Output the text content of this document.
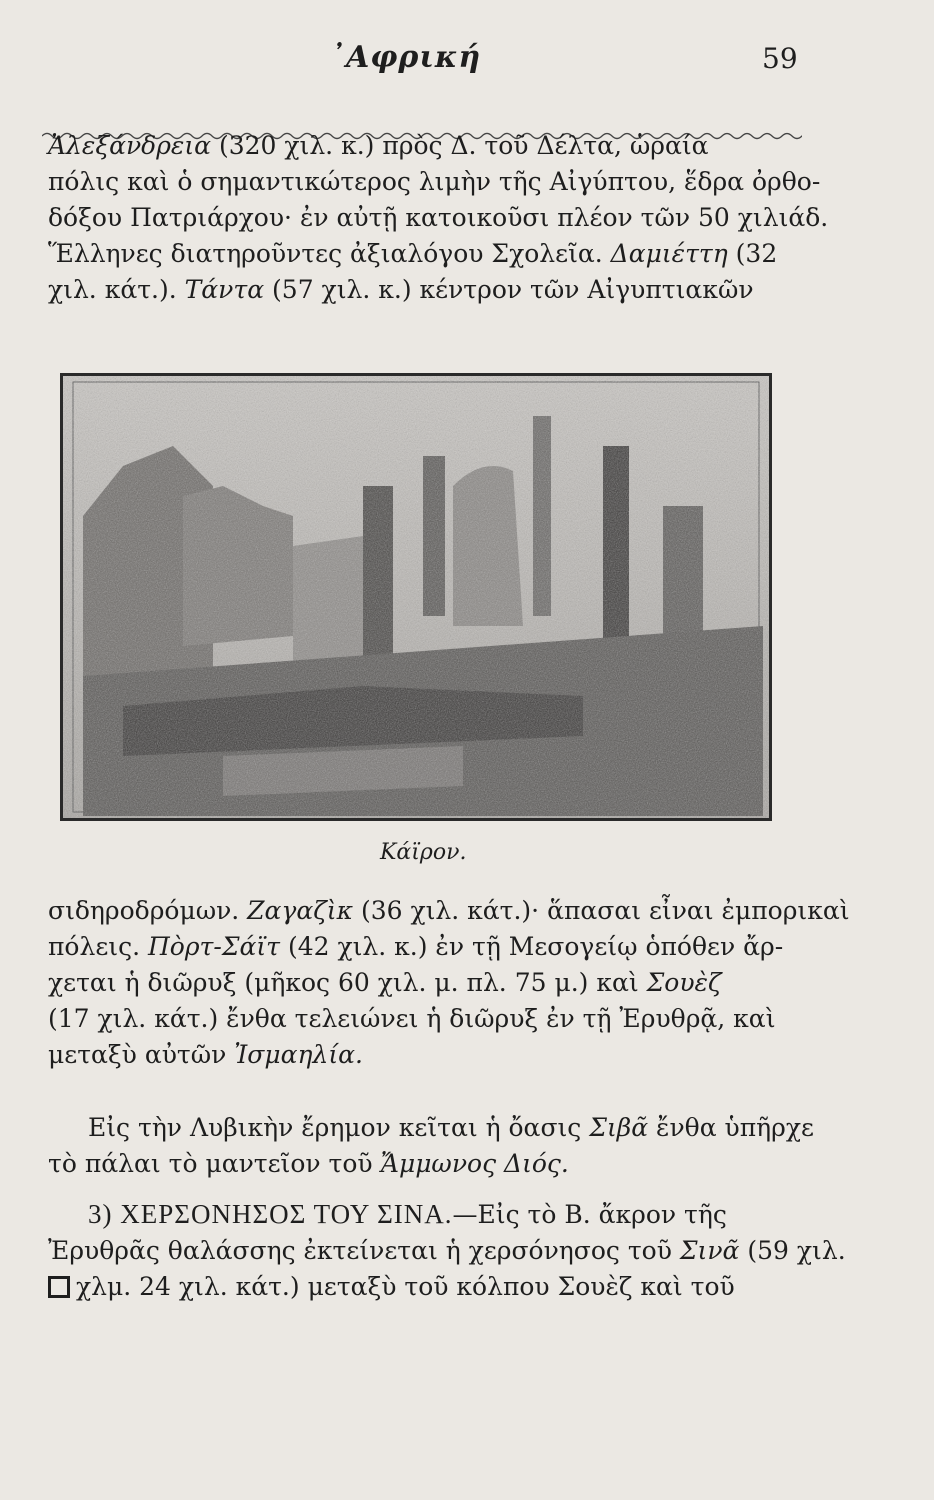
᾿Αφρική	59

Ἀλεξάνδρεια (320 χιλ. κ.) πρὸς Δ. τοῦ Δέλτα, ὡραία
πόλις καὶ ὁ σημαντικώτερος λιμὴν τῆς Αἰγύπτου, ἕδρα ὀρθο-
δόξου Πατριάρχου· ἐν αὐτῇ κατοικοῦσι πλέον τῶν 50 χιλιάδ.
Ἕλληνες διατηροῦντες ἀξιαλόγου Σχολεῖα. Δαμιέττη (32
χιλ. κάτ.). Τάντα (57 χιλ. κ.) κέντρον τῶν Αἰγυπτιακῶν

Κάϊρον.

σιδηροδρόμων. Ζαγαζὶκ (36 χιλ. κάτ.)· ἅπασαι εἶναι ἐμπορικαὶ
πόλεις. Πὸρτ-Σάϊτ (42 χιλ. κ.) ἐν τῇ Μεσογείῳ ὁπόθεν ἄρ-
χεται ἡ διῶρυξ (μῆκος 60 χιλ. μ. πλ. 75 μ.) καὶ Σουὲζ
(17 χιλ. κάτ.) ἔνθα τελειώνει ἡ διῶρυξ ἐν τῇ Ἐρυθρᾷ, καὶ
μεταξὺ αὐτῶν Ἰσμαηλία.

Εἰς τὴν Λυβικὴν ἔρημον κεῖται ἡ ὄασις Σιβᾶ ἔνθα ὑπῆρχε
τὸ πάλαι τὸ μαντεῖον τοῦ Ἄμμωνος Διός.

3) ΧΕΡΣΟΝΗΣΟΣ ΤΟΥ ΣΙΝΑ.—Εἰς τὸ Β. ἄκρον τῆς
Ἐρυθρᾶς θαλάσσης ἐκτείνεται ἡ χερσόνησος τοῦ Σινᾶ (59 χιλ.
χλμ. 24 χιλ. κάτ.) μεταξὺ τοῦ κόλπου Σουὲζ καὶ τοῦ
